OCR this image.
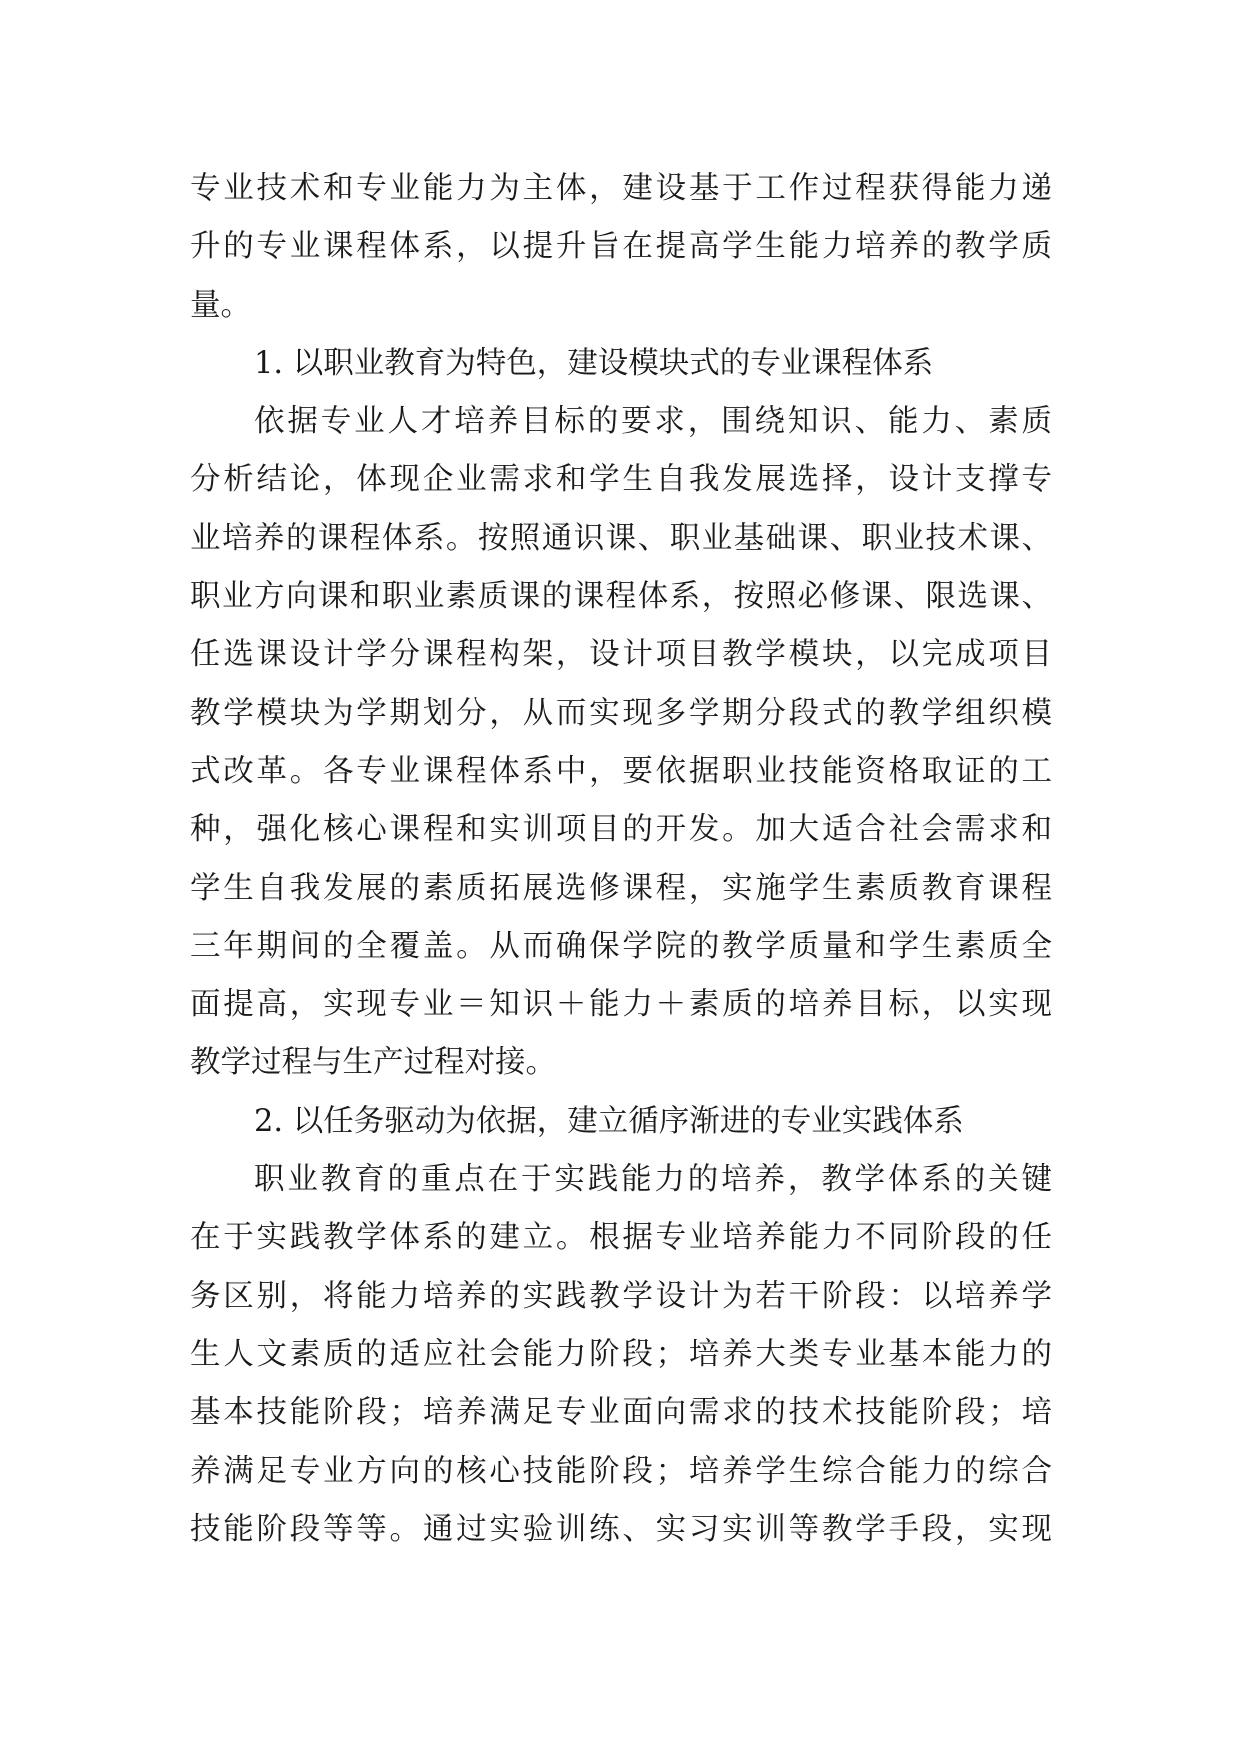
专业技术和专业能力为主体，建设基于工作过程获得能力递
升的专业课程体系，以提升旨在提高学生能力培养的教学质
量。
1. 以职业教育为特色，建设模块式的专业课程体系
依据专业人才培养目标的要求，围绕知识、能力、素质
分析结论，体现企业需求和学生自我发展选择，设计支撑专
业培养的课程体系。按照通识课、职业基础课、职业技术课、
职业方向课和职业素质课的课程体系，按照必修课、限选课、
任选课设计学分课程构架，设计项目教学模块，以完成项目
教学模块为学期划分，从而实现多学期分段式的教学组织模
式改革。各专业课程体系中，要依据职业技能资格取证的工
种，强化核心课程和实训项目的开发。加大适合社会需求和
学生自我发展的素质拓展选修课程，实施学生素质教育课程
三年期间的全覆盖。从而确保学院的教学质量和学生素质全
面提高，实现专业＝知识＋能力＋素质的培养目标，以实现
教学过程与生产过程对接。
2. 以任务驱动为依据，建立循序渐进的专业实践体系
职业教育的重点在于实践能力的培养，教学体系的关键
在于实践教学体系的建立。根据专业培养能力不同阶段的任
务区别，将能力培养的实践教学设计为若干阶段：以培养学
生人文素质的适应社会能力阶段；培养大类专业基本能力的
基本技能阶段；培养满足专业面向需求的技术技能阶段；培
养满足专业方向的核心技能阶段；培养学生综合能力的综合
技能阶段等等。通过实验训练、实习实训等教学手段，实现
